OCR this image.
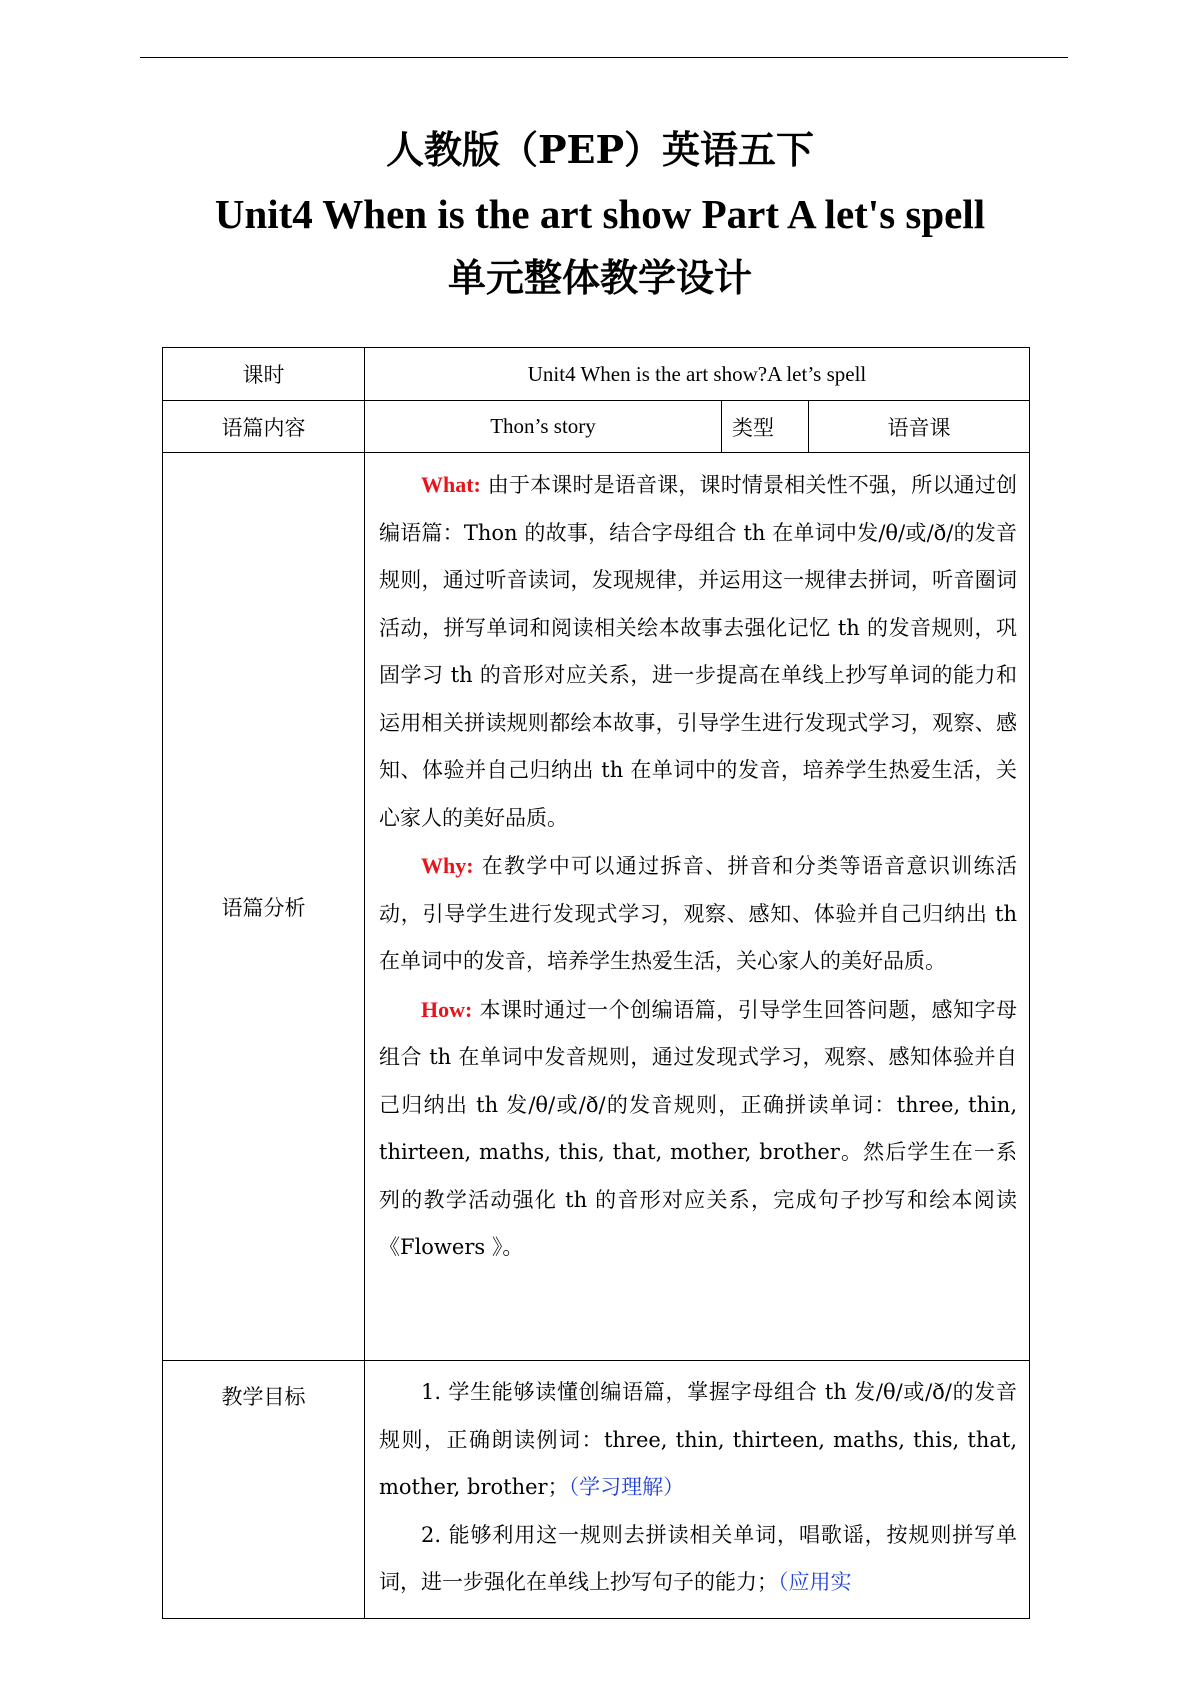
人教版（PEP）英语五下
Unit4 When is the art show Part A let's spell
单元整体教学设计
课时	Unit4 When is the art show?A let’s spell		
语篇内容	Thon’s story	类型	语音课
语篇分析	What: 由于本课时是语音课，课时情景相关性不强，所以通过创编语篇：Thon 的故事，结合字母组合 th 在单词中发/θ/或/ð/的发音规则，通过听音读词，发现规律，并运用这一规律去拼词，听音圈词活动，拼写单词和阅读相关绘本故事去强化记忆 th 的发音规则，巩固学习 th 的音形对应关系，进一步提高在单线上抄写单词的能力和运用相关拼读规则都绘本故事，引导学生进行发现式学习，观察、感知、体验并自己归纳出 th 在单词中的发音，培养学生热爱生活，关心家人的美好品质。
Why: 在教学中可以通过拆音、拼音和分类等语音意识训练活动，引导学生进行发现式学习，观察、感知、体验并自己归纳出 th 在单词中的发音，培养学生热爱生活，关心家人的美好品质。
How: 本课时通过一个创编语篇，引导学生回答问题，感知字母组合 th 在单词中发音规则，通过发现式学习，观察、感知体验并自己归纳出 th 发/θ/或/ð/的发音规则，正确拼读单词：three, thin, thirteen, maths, this, that, mother, brother。然后学生在一系列的教学活动强化 th 的音形对应关系，完成句子抄写和绘本阅读《Flowers 》。		

教学目标	1. 学生能够读懂创编语篇，掌握字母组合 th 发/θ/或/ð/的发音规则，正确朗读例词：three, thin, thirteen, maths, this, that, mother, brother；（学习理解）
2. 能够利用这一规则去拼读相关单词，唱歌谣，按规则拼写单词，进一步强化在单线上抄写句子的能力；（应用实		
